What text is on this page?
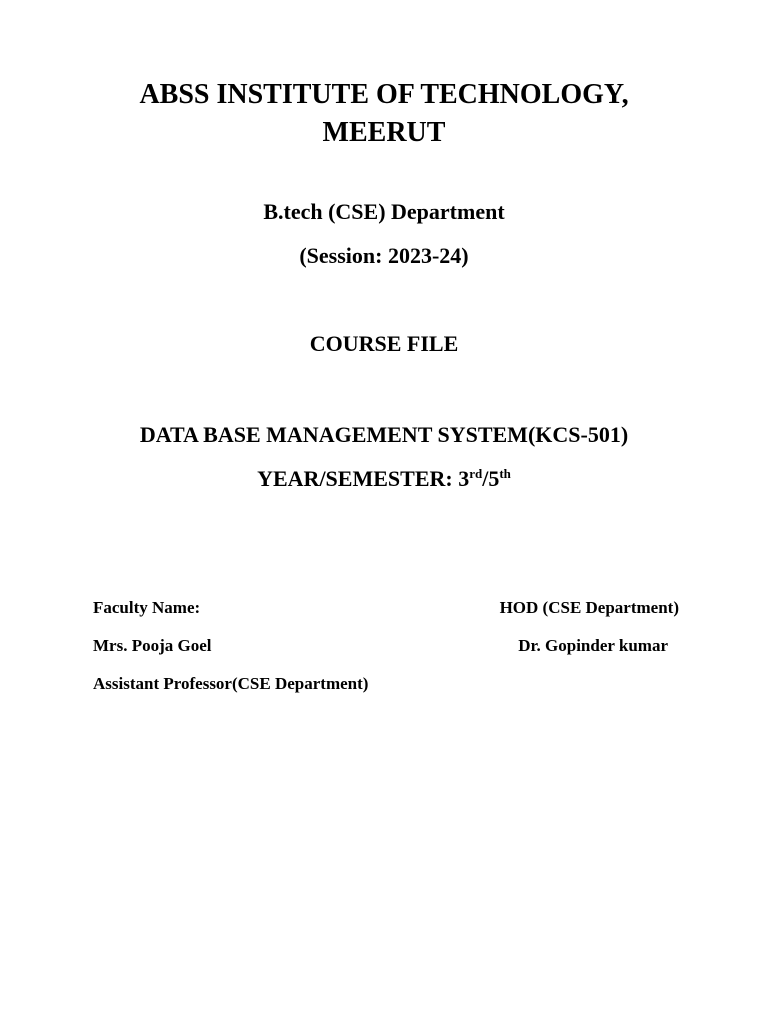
ABSS INSTITUTE OF TECHNOLOGY,
MEERUT
B.tech (CSE) Department
(Session: 2023-24)
COURSE FILE
DATA BASE MANAGEMENT SYSTEM(KCS-501)
YEAR/SEMESTER: 3rd/5th
Faculty Name:	HOD (CSE Department)
Mrs. Pooja Goel	Dr. Gopinder kumar
Assistant Professor(CSE Department)
